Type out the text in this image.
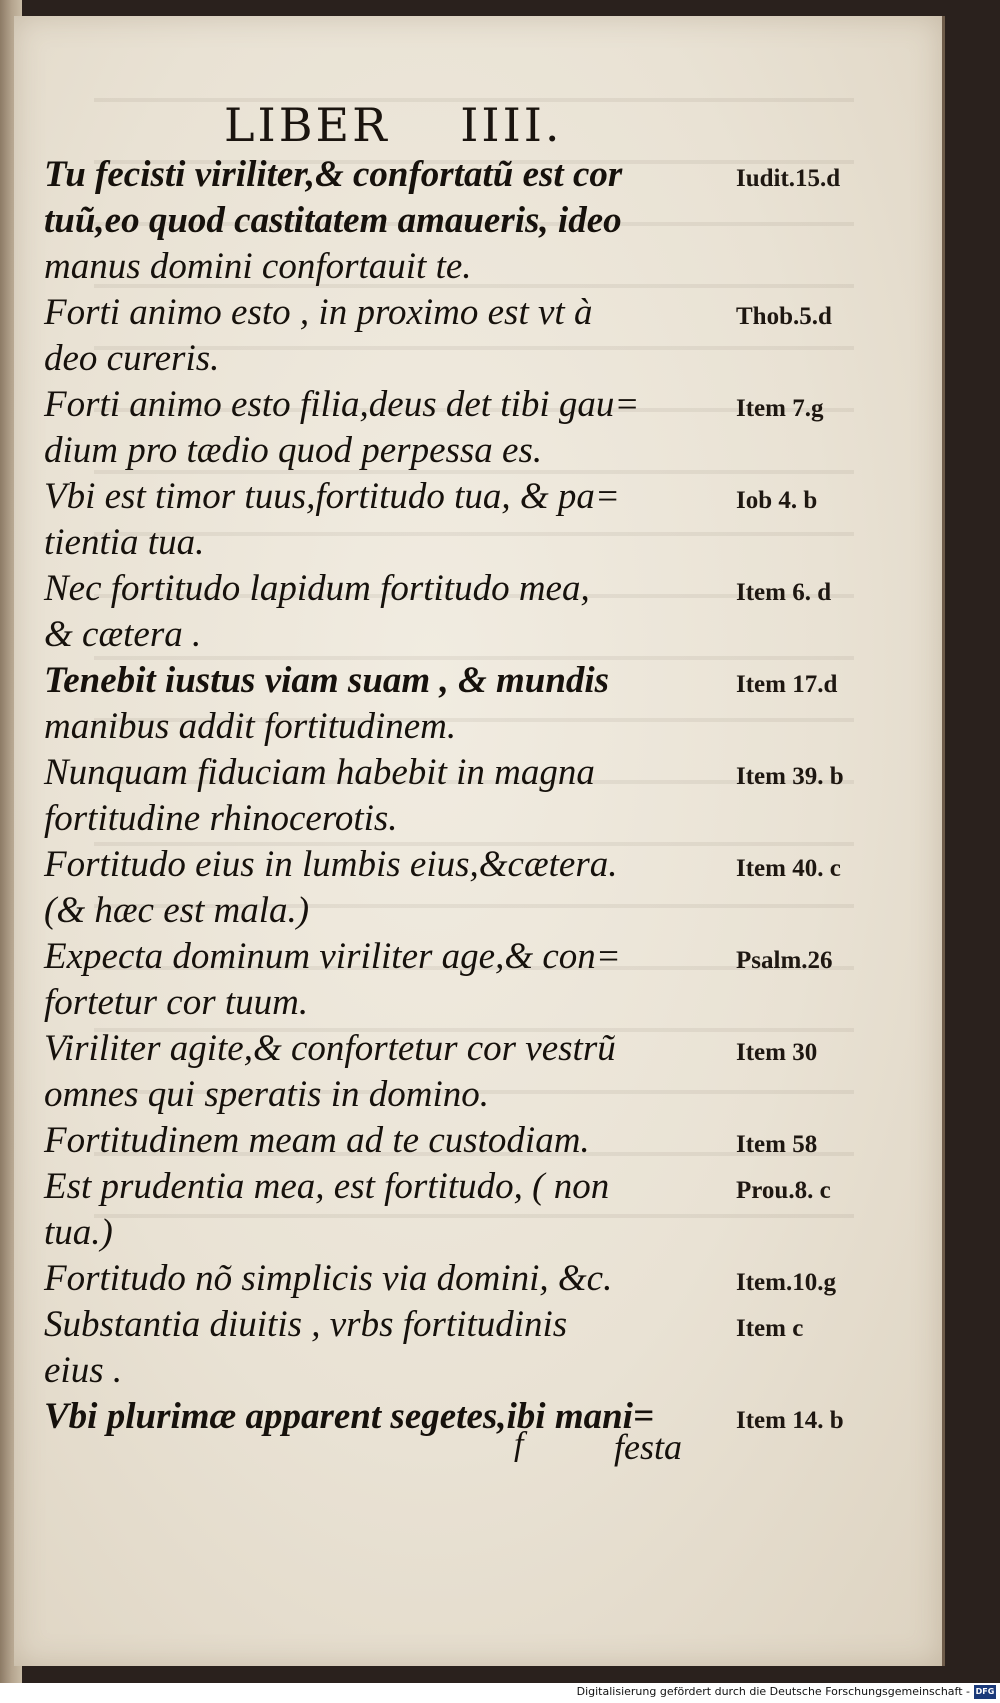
LIBER    IIII.
Tu fecisti viriliter,& confortatũ est cor	Iudit.15.d
tuũ,eo quod castitatem amaueris, ideo
manus domini confortauit te.
Forti animo esto , in proximo est vt à	Thob.5.d
deo cureris.
Forti animo esto filia,deus det tibi gau=	Item 7.g
dium pro tædio quod perpessa es.
Vbi est timor tuus,fortitudo tua, & pa=	Iob 4. b
tientia tua.
Nec fortitudo lapidum fortitudo mea,	Item 6. d
& cætera .
Tenebit iustus viam suam , & mundis	Item 17.d
manibus addit fortitudinem.
Nunquam fiduciam habebit in magna	Item 39. b
fortitudine rhinocerotis.
Fortitudo eius in lumbis eius,&cætera.	Item 40. c
(& hæc est mala.)
Expecta dominum viriliter age,& con=	Psalm.26
fortetur cor tuum.
Viriliter agite,& confortetur cor vestrũ	Item 30
omnes qui speratis in domino.
Fortitudinem meam ad te custodiam.	Item 58
Est prudentia mea, est fortitudo, ( non	Prou.8. c
tua.)
Fortitudo nõ simplicis via domini, &c.	Item.10.g
Substantia diuitis , vrbs fortitudinis	Item c
eius .
Vbi plurimæ apparent segetes,ibi mani=	Item 14. b
f	festa
Digitalisierung gefördert durch die Deutsche Forschungsgemeinschaft - DFG
